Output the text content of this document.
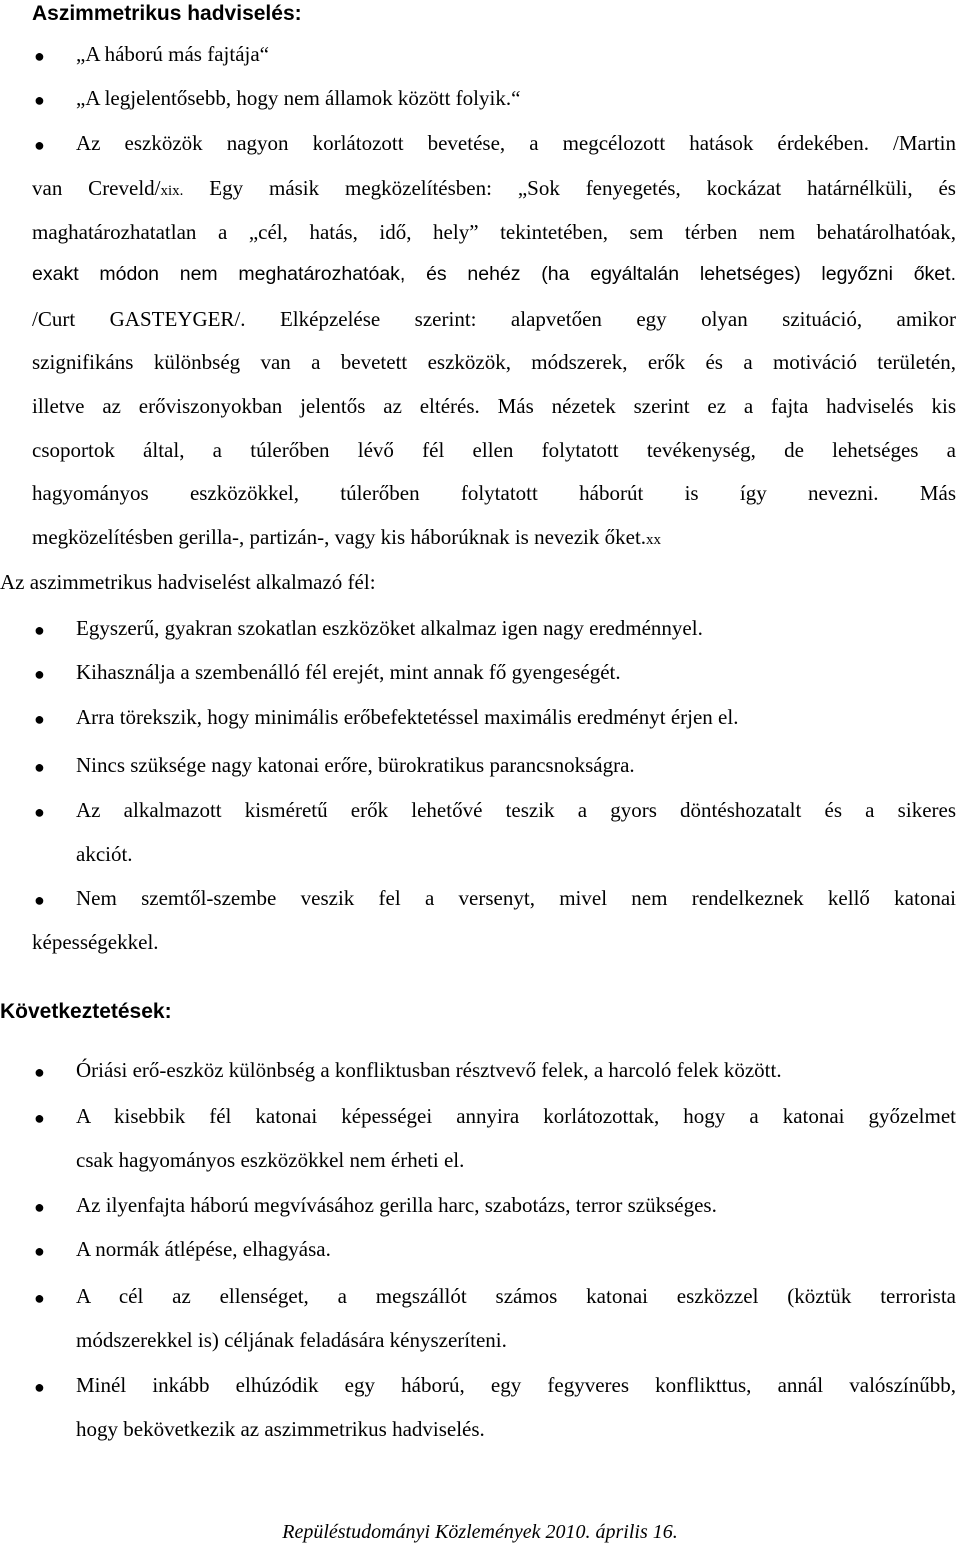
Aszimmetrikus hadviselés:
● „A háború más fajtája“
● „A legjelentősebb, hogy nem államok között folyik.“
● Az eszközök nagyon korlátozott bevetése, a megcélozott hatások érdekében. /Martin
van Creveld/xix. Egy másik megközelítésben: „Sok fenyegetés, kockázat határnélküli, és
maghatározhatatlan a „cél, hatás, idő, hely” tekintetében, sem térben nem behatárolhatóak,
exakt módon nem meghatározhatóak, és nehéz (ha egyáltalán lehetséges) legyőzni őket.
/Curt GASTEYGER/. Elképzelése szerint: alapvetően egy olyan szituáció, amikor
szignifikáns különbség van a bevetett eszközök, módszerek, erők és a motiváció területén,
illetve az erőviszonyokban jelentős az eltérés. Más nézetek szerint ez a fajta hadviselés kis
csoportok által, a túlerőben lévő fél ellen folytatott tevékenység, de lehetséges a
hagyományos eszközökkel, túlerőben folytatott háborút is így nevezni. Más
megközelítésben gerilla-, partizán-, vagy kis háborúknak is nevezik őket.xx
Az aszimmetrikus hadviselést alkalmazó fél:
● Egyszerű, gyakran szokatlan eszközöket alkalmaz igen nagy eredménnyel.
● Kihasználja a szembenálló fél erejét, mint annak fő gyengeségét.
● Arra törekszik, hogy minimális erőbefektetéssel maximális eredményt érjen el.
● Nincs szüksége nagy katonai erőre, bürokratikus parancsnokságra.
● Az alkalmazott kisméretű erők lehetővé teszik a gyors döntéshozatalt és a sikeres
akciót.
● Nem szemtől-szembe veszik fel a versenyt, mivel nem rendelkeznek kellő katonai
képességekkel.
Következtetések:
● Óriási erő-eszköz különbség a konfliktusban résztvevő felek, a harcoló felek között.
● A kisebbik fél katonai képességei annyira korlátozottak, hogy a katonai győzelmet
csak hagyományos eszközökkel nem érheti el.
● Az ilyenfajta háború megvívásához gerilla harc, szabotázs, terror szükséges.
● A normák átlépése, elhagyása.
● A cél az ellenséget, a megszállót számos katonai eszközzel (köztük terrorista
módszerekkel is) céljának feladására kényszeríteni.
● Minél inkább elhúzódik egy háború, egy fegyveres konflikttus, annál valószínűbb,
hogy bekövetkezik az aszimmetrikus hadviselés.
Repüléstudományi Közlemények 2010. április 16.
